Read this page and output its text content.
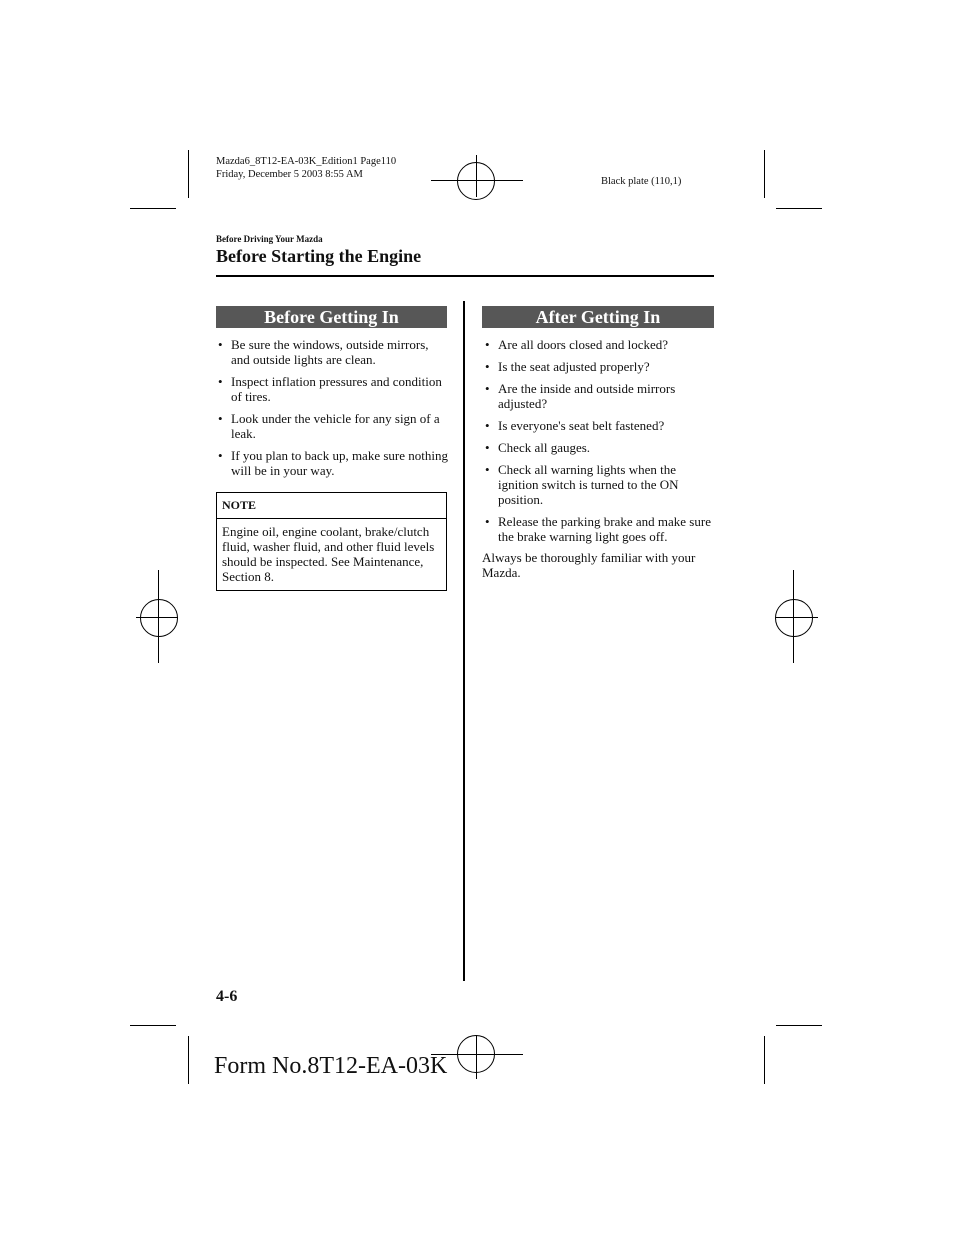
Mazda6_8T12-EA-03K_Edition1 Page110
Friday, December 5 2003 8:55 AM
Black plate (110,1)
Before Driving Your Mazda
Before Starting the Engine
Before Getting In
• Be sure the windows, outside mirrors, and outside lights are clean.
• Inspect inflation pressures and condition of tires.
• Look under the vehicle for any sign of a leak.
• If you plan to back up, make sure nothing will be in your way.
NOTE
Engine oil, engine coolant, brake/clutch fluid, washer fluid, and other fluid levels should be inspected. See Maintenance, Section 8.
After Getting In
• Are all doors closed and locked?
• Is the seat adjusted properly?
• Are the inside and outside mirrors adjusted?
• Is everyone's seat belt fastened?
• Check all gauges.
• Check all warning lights when the ignition switch is turned to the ON position.
• Release the parking brake and make sure the brake warning light goes off.
Always be thoroughly familiar with your Mazda.
4-6
Form No.8T12-EA-03K
